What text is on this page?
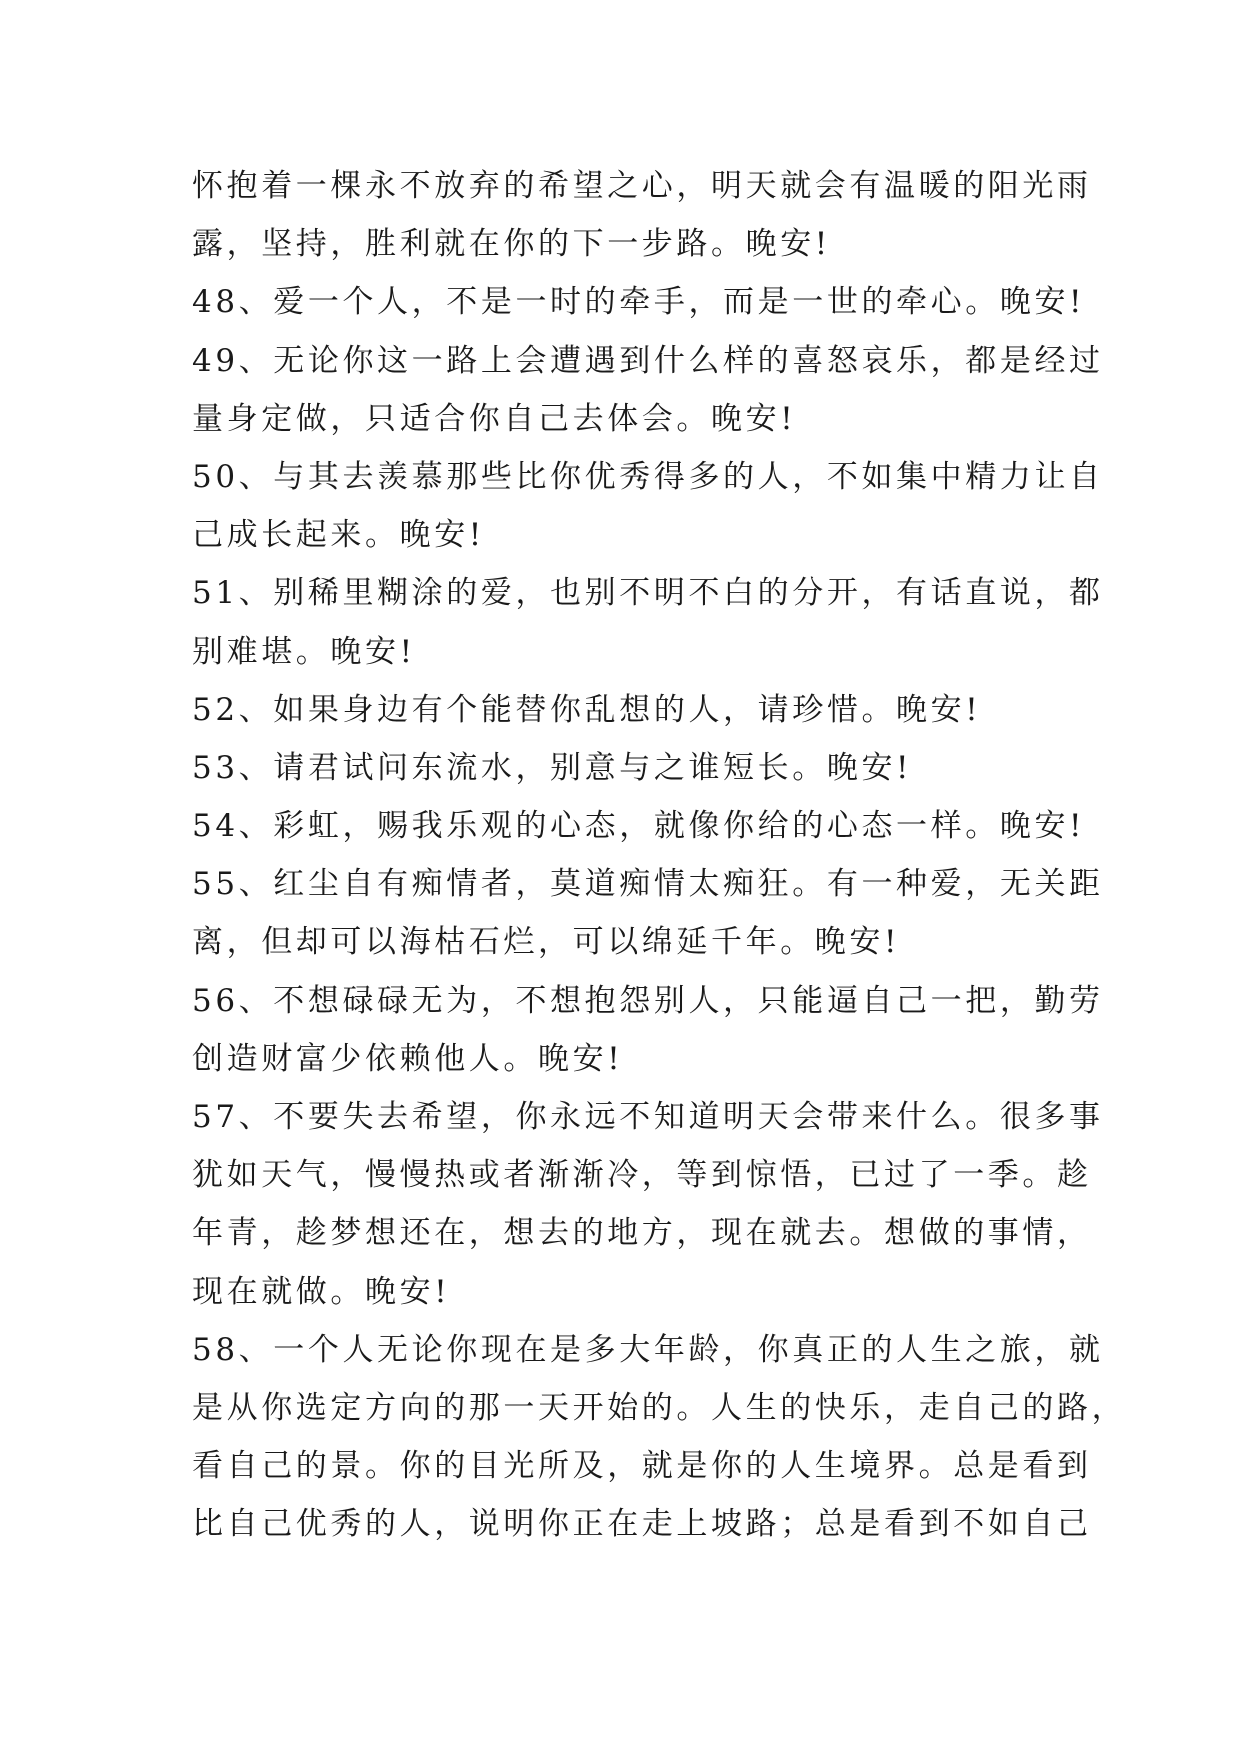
怀抱着一棵永不放弃的希望之心，明天就会有温暖的阳光雨
露，坚持，胜利就在你的下一步路。晚安!
48、爱一个人，不是一时的牵手，而是一世的牵心。晚安!
49、无论你这一路上会遭遇到什么样的喜怒哀乐，都是经过
量身定做，只适合你自己去体会。晚安!
50、与其去羡慕那些比你优秀得多的人，不如集中精力让自
己成长起来。晚安!
51、别稀里糊涂的爱，也别不明不白的分开，有话直说，都
别难堪。晚安!
52、如果身边有个能替你乱想的人，请珍惜。晚安!
53、请君试问东流水，别意与之谁短长。晚安!
54、彩虹，赐我乐观的心态，就像你给的心态一样。晚安!
55、红尘自有痴情者，莫道痴情太痴狂。有一种爱，无关距
离，但却可以海枯石烂，可以绵延千年。晚安!
56、不想碌碌无为，不想抱怨别人，只能逼自己一把，勤劳
创造财富少依赖他人。晚安!
57、不要失去希望，你永远不知道明天会带来什么。很多事
犹如天气，慢慢热或者渐渐冷，等到惊悟，已过了一季。趁
年青，趁梦想还在，想去的地方，现在就去。想做的事情，
现在就做。晚安!
58、一个人无论你现在是多大年龄，你真正的人生之旅，就
是从你选定方向的那一天开始的。人生的快乐，走自己的路，
看自己的景。你的目光所及，就是你的人生境界。总是看到
比自己优秀的人，说明你正在走上坡路；总是看到不如自己
